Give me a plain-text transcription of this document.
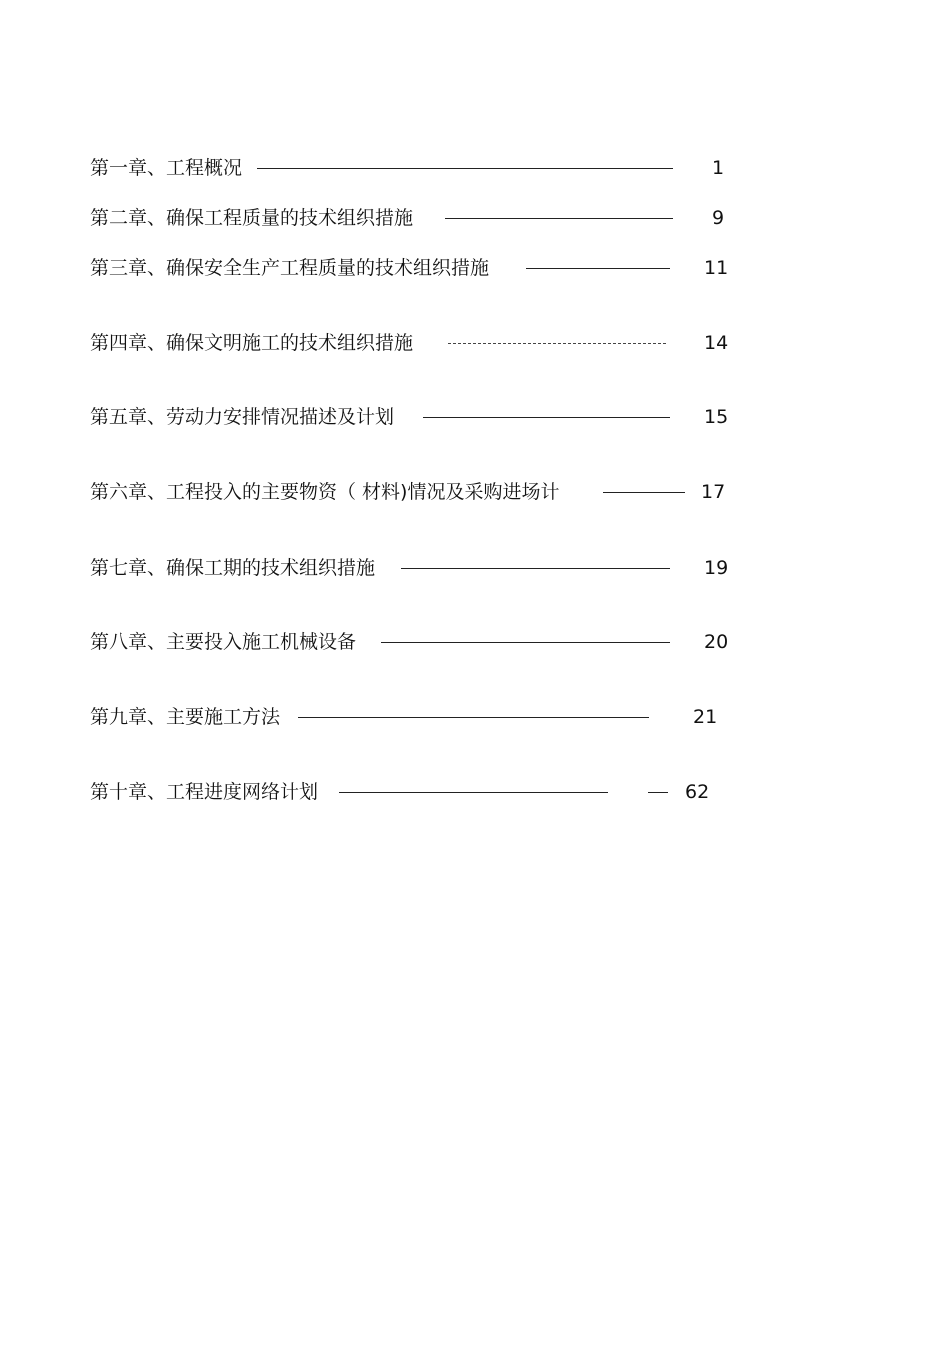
第一章、工程概况	1
第二章、确保工程质量的技术组织措施	9
第三章、确保安全生产工程质量的技术组织措施	11
第四章、确保文明施工的技术组织措施	14
第五章、劳动力安排情况描述及计划	15
第六章、工程投入的主要物资（ 材料)情况及采购进场计	17
第七章、确保工期的技术组织措施	19
第八章、主要投入施工机械设备	20
第九章、主要施工方法	21
第十章、工程进度网络计划	62
